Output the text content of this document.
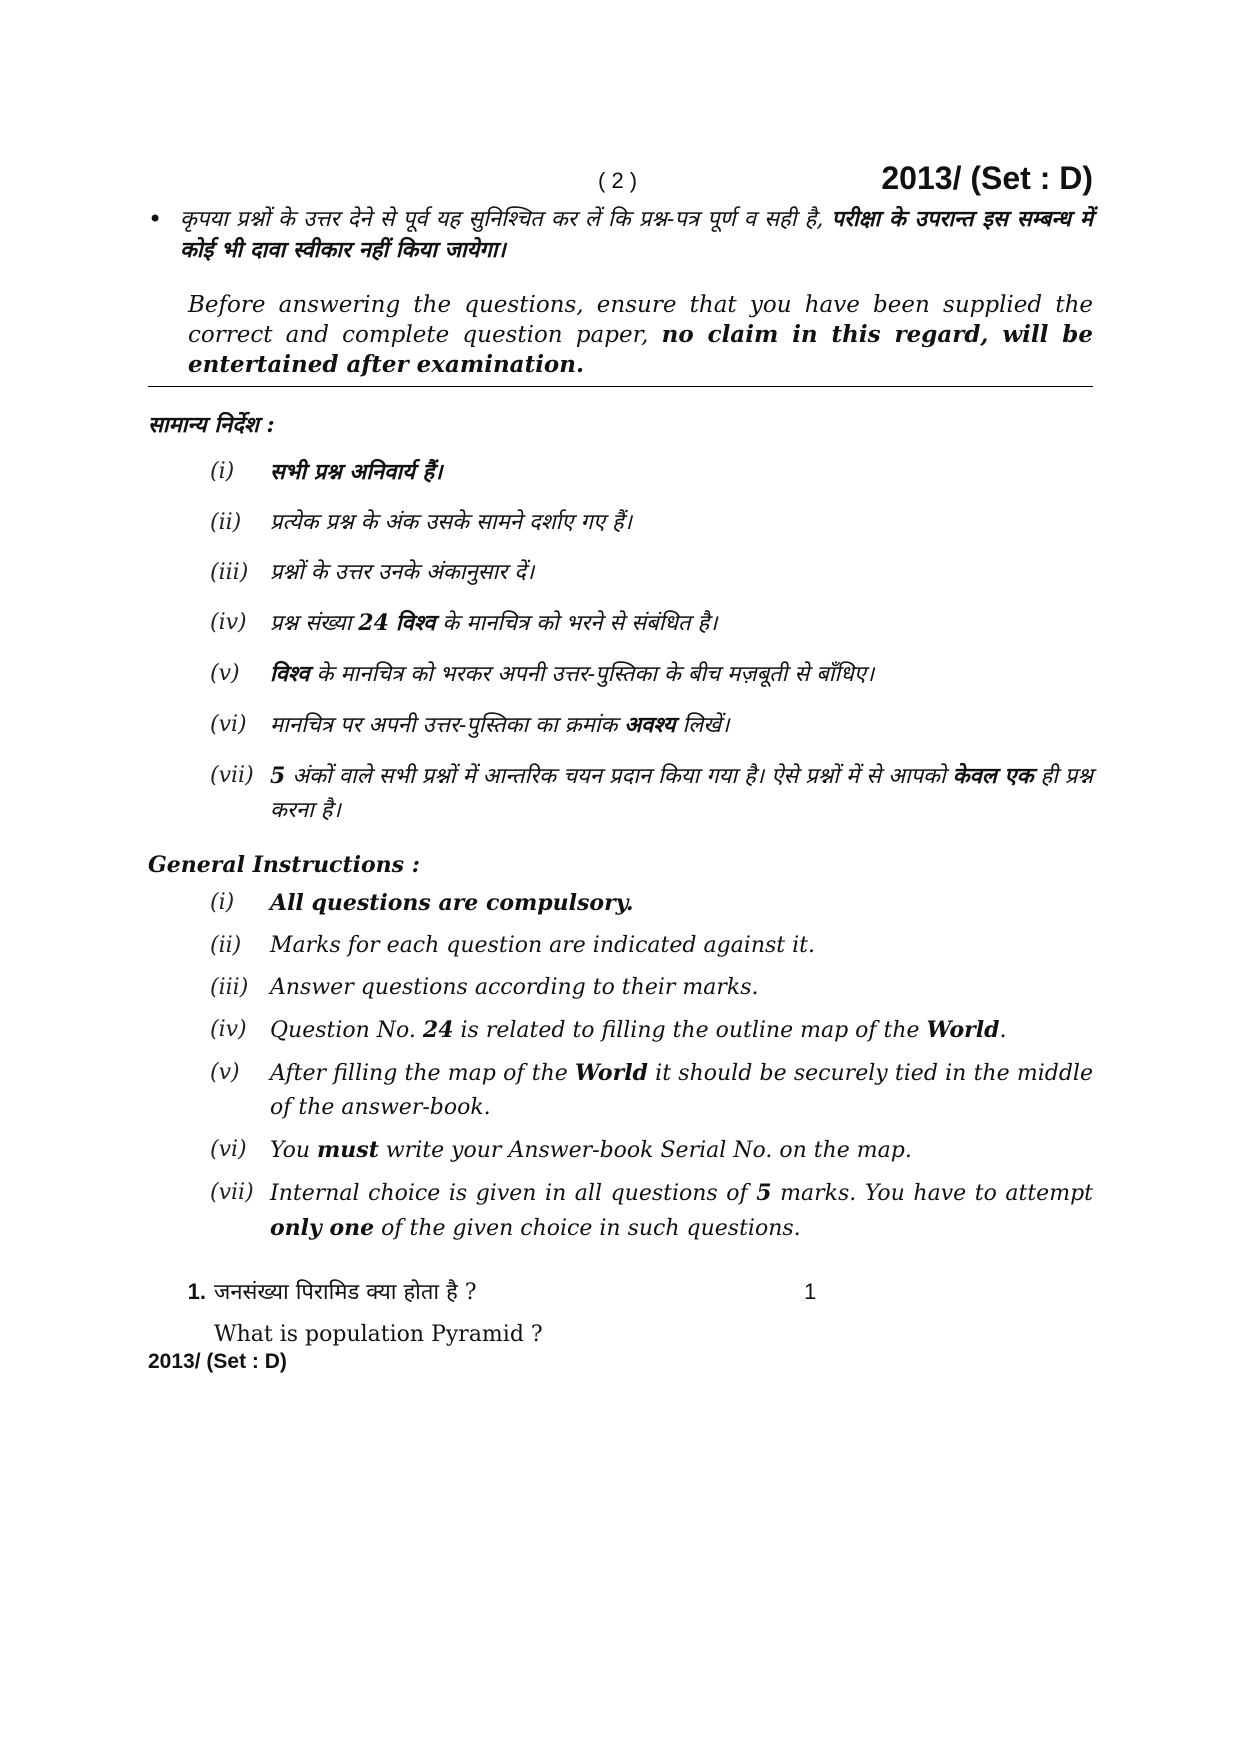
( 2 )	2013/ (Set : D)
• कृपया प्रश्नों के उत्तर देने से पूर्व यह सुनिश्चित कर लें कि प्रश्न-पत्र पूर्ण व सही है, परीक्षा के उपरान्त इस सम्बन्ध में कोई भी दावा स्वीकार नहीं किया जायेगा।

Before answering the questions, ensure that you have been supplied the correct and complete question paper, no claim in this regard, will be entertained after examination.

सामान्य निर्देश :
(i)	सभी प्रश्न अनिवार्य हैं।
(ii)	प्रत्येक प्रश्न के अंक उसके सामने दर्शाए गए हैं।
(iii) प्रश्नों के उत्तर उनके अंकानुसार दें।
(iv)	प्रश्न संख्या 24 विश्व के मानचित्र को भरने से संबंधित है।
(v)	विश्व के मानचित्र को भरकर अपनी उत्तर-पुस्तिका के बीच मज़बूती से बाँधिए।
(vi)	मानचित्र पर अपनी उत्तर-पुस्तिका का क्रमांक अवश्य लिखें।
(vii) 5 अंकों वाले सभी प्रश्नों में आन्तरिक चयन प्रदान किया गया है। ऐसे प्रश्नों में से आपको केवल एक ही प्रश्न करना है।
General Instructions :
(i)	All questions are compulsory.
(ii)	Marks for each question are indicated against it.
(iii) Answer questions according to their marks.
(iv)	Question No. 24 is related to filling the outline map of the World.
(v)	After filling the map of the World it should be securely tied in the middle of the answer-book.
(vi)	You must write your Answer-book Serial No. on the map.
(vii) Internal choice is given in all questions of 5 marks. You have to attempt only one of the given choice in such questions.
1. जनसंख्या पिरामिड क्या होता है ?	1
What is population Pyramid ?
2013/ (Set : D)
